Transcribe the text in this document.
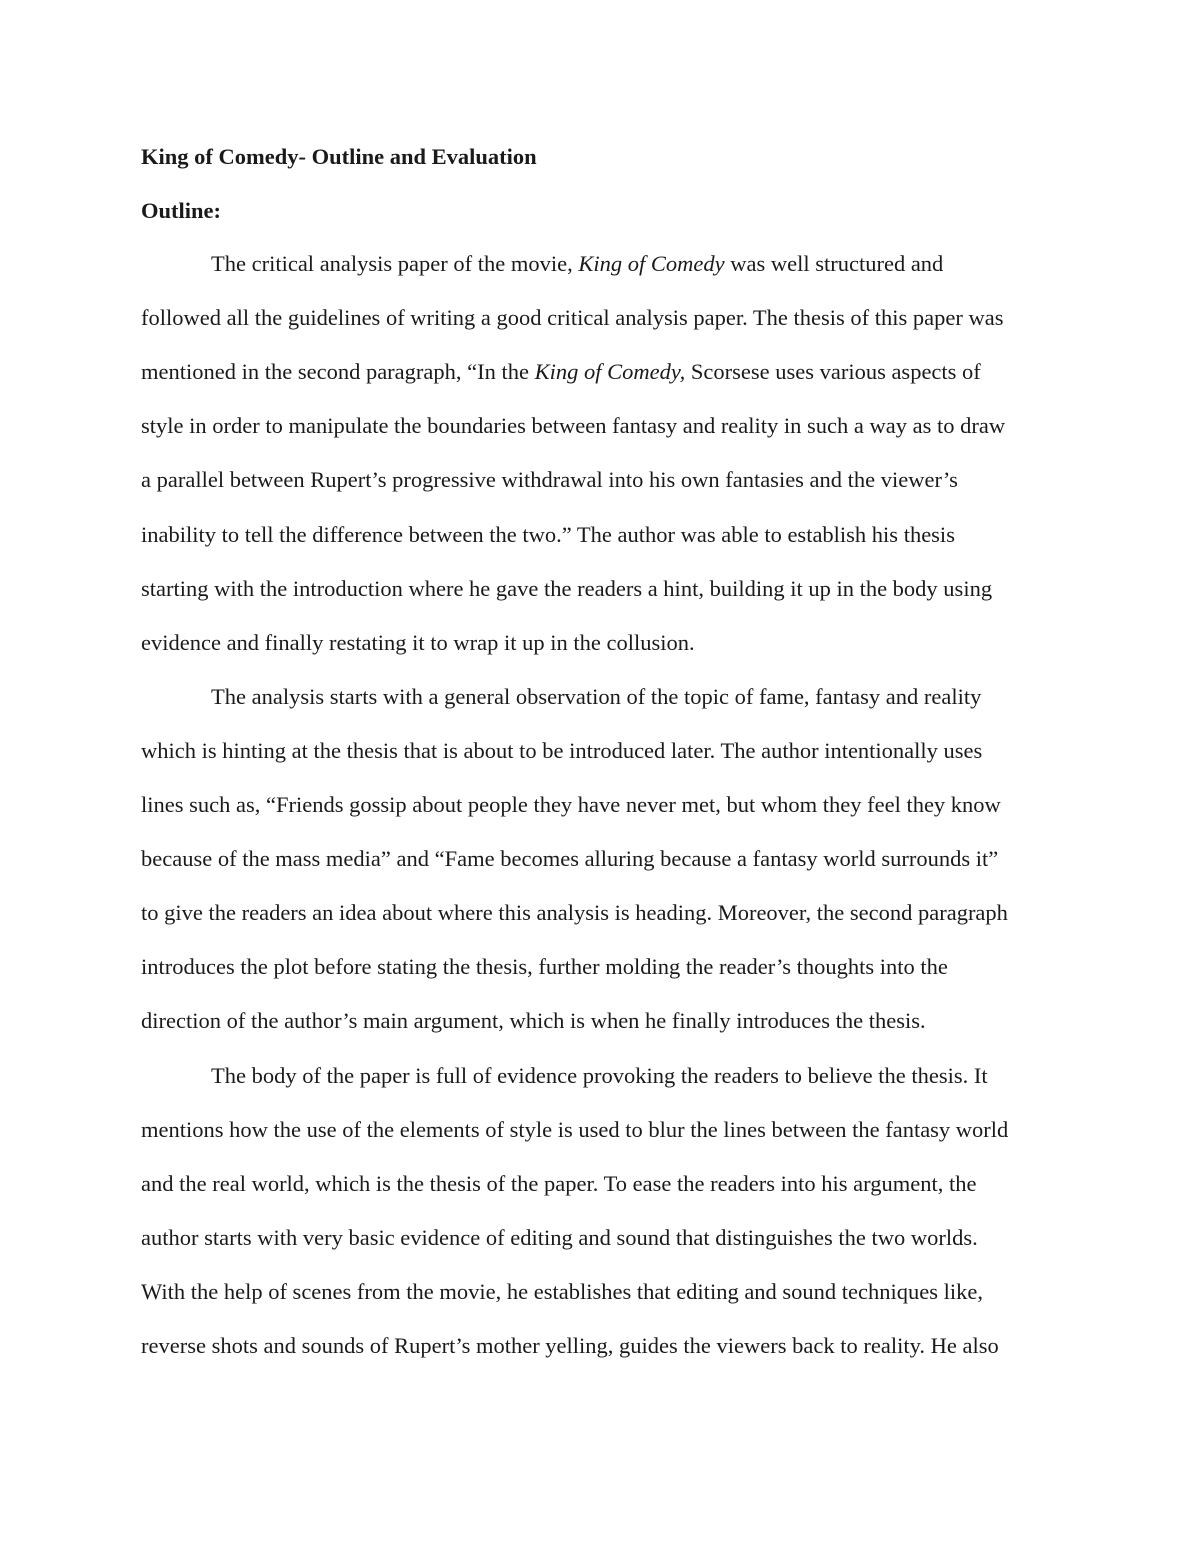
King of Comedy- Outline and Evaluation
Outline:
The critical analysis paper of the movie, King of Comedy was well structured and
followed all the guidelines of writing a good critical analysis paper. The thesis of this paper was
mentioned in the second paragraph, “In the King of Comedy, Scorsese uses various aspects of
style in order to manipulate the boundaries between fantasy and reality in such a way as to draw
a parallel between Rupert’s progressive withdrawal into his own fantasies and the viewer’s
inability to tell the difference between the two.” The author was able to establish his thesis
starting with the introduction where he gave the readers a hint, building it up in the body using
evidence and finally restating it to wrap it up in the collusion.
The analysis starts with a general observation of the topic of fame, fantasy and reality
which is hinting at the thesis that is about to be introduced later. The author intentionally uses
lines such as, “Friends gossip about people they have never met, but whom they feel they know
because of the mass media” and “Fame becomes alluring because a fantasy world surrounds it”
to give the readers an idea about where this analysis is heading. Moreover, the second paragraph
introduces the plot before stating the thesis, further molding the reader’s thoughts into the
direction of the author’s main argument, which is when he finally introduces the thesis.
The body of the paper is full of evidence provoking the readers to believe the thesis. It
mentions how the use of the elements of style is used to blur the lines between the fantasy world
and the real world, which is the thesis of the paper. To ease the readers into his argument, the
author starts with very basic evidence of editing and sound that distinguishes the two worlds.
With the help of scenes from the movie, he establishes that editing and sound techniques like,
reverse shots and sounds of Rupert’s mother yelling, guides the viewers back to reality. He also
